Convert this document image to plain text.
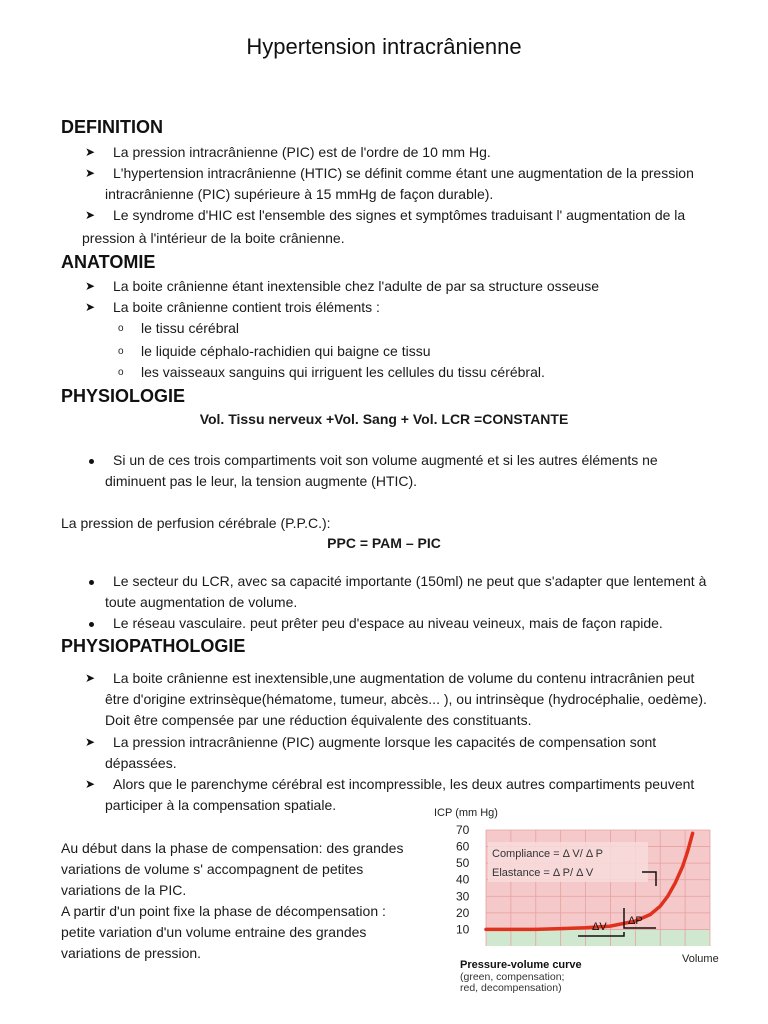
Hypertension intracrânienne
DEFINITION
➤ La pression intracrânienne (PIC) est de l'ordre de 10 mm Hg.
➤ L'hypertension intracrânienne (HTIC) se définit comme étant une augmentation de la pression
intracrânienne (PIC) supérieure à 15 mmHg de façon durable).
➤ Le syndrome d'HIC est l'ensemble des signes et symptômes traduisant l' augmentation de la
pression à l'intérieur de la boite crânienne.
ANATOMIE
➤ La boite crânienne étant inextensible chez l'adulte de par sa structure osseuse
➤ La boite crânienne contient trois éléments :
o le tissu cérébral
o le liquide céphalo-rachidien qui baigne ce tissu
o les vaisseaux sanguins qui irriguent les cellules du tissu cérébral.
PHYSIOLOGIE
Vol. Tissu nerveux +Vol. Sang + Vol. LCR =CONSTANTE
Si un de ces trois compartiments voit son volume augmenté et si les autres éléments ne
diminuent pas le leur, la tension augmente (HTIC).
La pression de perfusion cérébrale (P.P.C.):
PPC = PAM – PIC
Le secteur du LCR, avec sa capacité importante (150ml) ne peut que s'adapter que lentement à
toute augmentation de volume.
Le réseau vasculaire. peut prêter peu d'espace au niveau veineux, mais de façon rapide.
PHYSIOPATHOLOGIE
➤ La boite crânienne est inextensible,une augmentation de volume du contenu intracrânien peut
être d'origine extrinsèque(hématome, tumeur, abcès... ), ou intrinsèque (hydrocéphalie, oedème).
Doit être compensée par une réduction équivalente des constituants.
➤ La pression intracrânienne (PIC) augmente lorsque les capacités de compensation sont
dépassées.
➤ Alors que le parenchyme cérébral est incompressible, les deux autres compartiments peuvent
participer à la compensation spatiale.
Au début dans la phase de compensation: des grandes
variations de volume s' accompagnent de petites
variations de la PIC.
A partir d'un point fixe la phase de décompensation :
petite variation d'un volume entraine des grandes
variations de pression.
ICP (mm Hg)
10
20
30
40
50
60
70
Compliance = Δ V/ Δ P
Elastance = Δ P/ Δ V
ΔP
ΔV
Volume
Pressure-volume curve
(green, compensation;
red, decompensation)
